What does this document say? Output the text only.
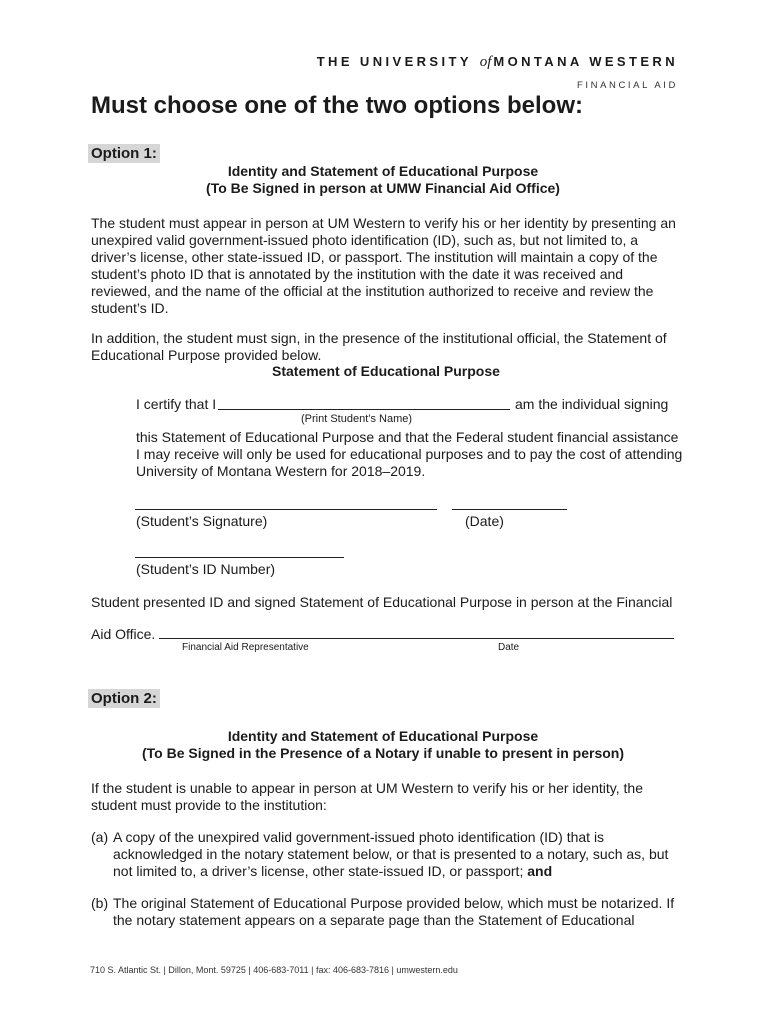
THE UNIVERSITY of MONTANA WESTERN
FINANCIAL AID
Must choose one of the two options below:
Option 1:
Identity and Statement of Educational Purpose
(To Be Signed in person at UMW Financial Aid Office)
The student must appear in person at UM Western to verify his or her identity by presenting an
unexpired valid government-issued photo identification (ID), such as, but not limited to, a
driver’s license, other state-issued ID, or passport. The institution will maintain a copy of the
student’s photo ID that is annotated by the institution with the date it was received and
reviewed, and the name of the official at the institution authorized to receive and review the
student’s ID.
In addition, the student must sign, in the presence of the institutional official, the Statement of
Educational Purpose provided below.
Statement of Educational Purpose
I certify that I	am the individual signing
(Print Student’s Name)
this Statement of Educational Purpose and that the Federal student financial assistance
I may receive will only be used for educational purposes and to pay the cost of attending
University of Montana Western for 2018–2019.
(Student’s Signature)	(Date)
(Student’s ID Number)
Student presented ID and signed Statement of Educational Purpose in person at the Financial
Aid Office.
Financial Aid Representative	Date
Option 2:
Identity and Statement of Educational Purpose
(To Be Signed in the Presence of a Notary if unable to present in person)
If the student is unable to appear in person at UM Western to verify his or her identity, the
student must provide to the institution:
(a) A copy of the unexpired valid government-issued photo identification (ID) that is
acknowledged in the notary statement below, or that is presented to a notary, such as, but
not limited to, a driver’s license, other state-issued ID, or passport; and
(b) The original Statement of Educational Purpose provided below, which must be notarized. If
the notary statement appears on a separate page than the Statement of Educational
710 S. Atlantic St. | Dillon, Mont. 59725 | 406-683-7011 | fax: 406-683-7816 | umwestern.edu
